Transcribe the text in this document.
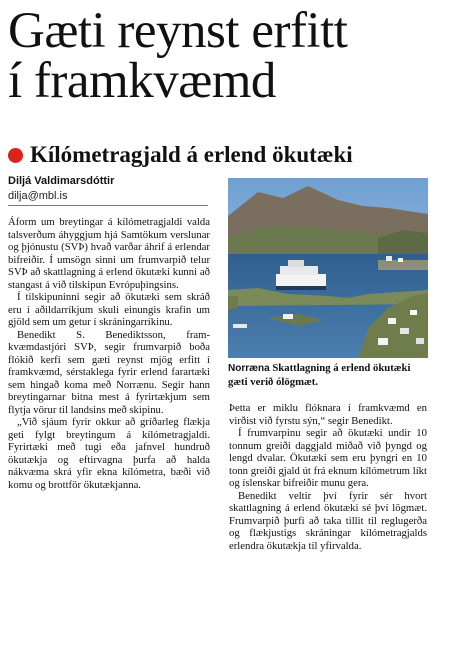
Gæti reynst erfitt
í framkvæmd
Kílómetragjald á erlend ökutæki
Diljá Valdimarsdóttir
dilja@mbl.is

Áform um breytingar á kílómetragjaldi valda talsverðum áhyggjum hjá Samtökum verslunar og þjónustu (SVÞ) hvað varðar áhrif á erlendar bifreiðir. Í umsögn sinni um frumvarpið telur SVÞ að skattlagning á erlend ökutæki kunni að stangast á við tilskipun Evrópuþingsins.

Í tilskipuninni segir að ökutæki sem skráð eru í aðildarríkjum skuli einungis krafin um gjöld sem um getur í skráningarríkinu.

Benedikt S. Benediktsson, framkvæmdastjóri SVÞ, segir frumvarpið boða flókið kerfi sem gæti reynst mjög erfitt í framkvæmd, sérstaklega fyrir erlend farartæki sem hingað koma með Norrænu. Segir hann breytingarnar bitna mest á fyrirtækjum sem flytja vörur til landsins með skipinu.

„Við sjáum fyrir okkur að gríðarleg flækja geti fylgt breytingum á kílómetragjaldi. Fyrirtæki með tugi eða jafnvel hundruð ökutækja og eftirvagna þurfa að halda nákvæma skrá yfir ekna kílómetra, bæði við komu og brottför ökutækjanna.

Norræna Skattlagning á erlend ökutæki gæti verið ólögmæt.

Þetta er miklu flóknara í framkvæmd en virðist við fyrstu sýn,“ segir Benedikt.

Í frumvarpinu segir að ökutæki undir 10 tonnum greiði daggjald miðað við þyngd og lengd dvalar. Ökutæki sem eru þyngri en 10 tonn greiði gjald út frá eknum kílómetrum líkt og íslenskar bifreiðir munu gera.

Benedikt veltir því fyrir sér hvort skattlagning á erlend ökutæki sé því lögmæt. Frumvarpið þurfi að taka tillit til reglugerða og flækjustigs skráningar kílómetragjalds erlendra ökutækja til yfirvalda.
